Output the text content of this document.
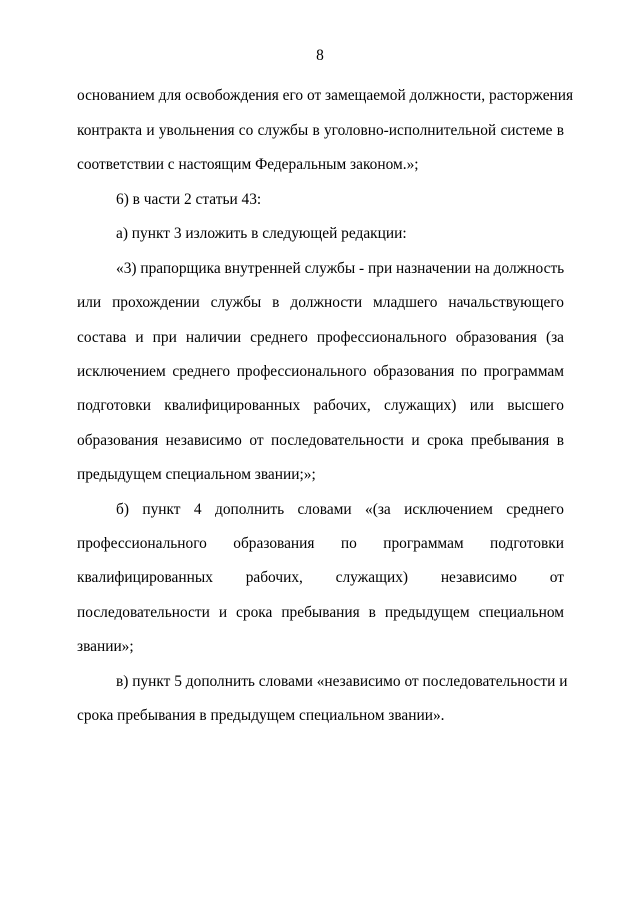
8
основанием для освобождения его от замещаемой должности, расторжения
контракта и увольнения со службы в уголовно-исполнительной системе в
соответствии с настоящим Федеральным законом.»;
6) в части 2 статьи 43:
а) пункт 3 изложить в следующей редакции:
«3) прапорщика внутренней службы - при назначении на должность
или прохождении службы в должности младшего начальствующего
состава и при наличии среднего профессионального образования (за
исключением среднего профессионального образования по программам
подготовки квалифицированных рабочих, служащих) или высшего
образования независимо от последовательности и срока пребывания в
предыдущем специальном звании;»;
б) пункт 4 дополнить словами «(за исключением среднего
профессионального образования по программам подготовки
квалифицированных рабочих, служащих) независимо от
последовательности и срока пребывания в предыдущем специальном
звании»;
в) пункт 5 дополнить словами «независимо от последовательности и
срока пребывания в предыдущем специальном звании».
